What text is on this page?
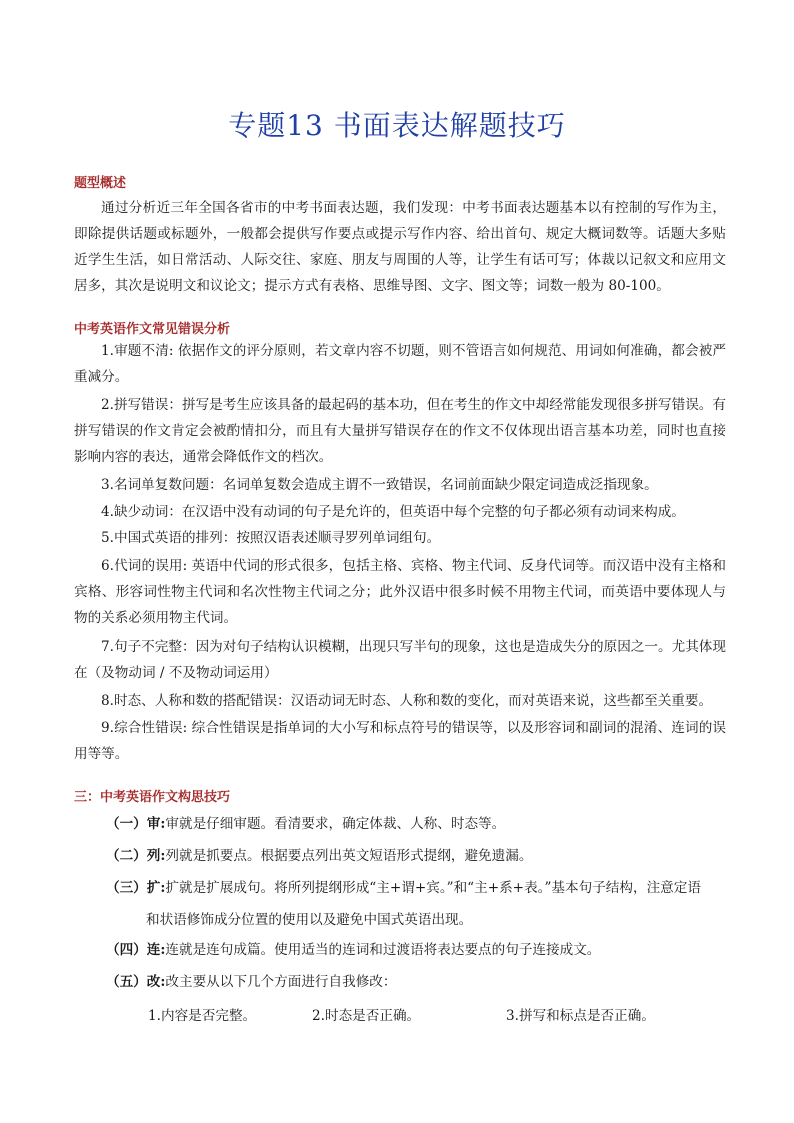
专题13 书面表达解题技巧
题型概述
通过分析近三年全国各省市的中考书面表达题，我们发现：中考书面表达题基本以有控制的写作为主，即除提供话题或标题外，一般都会提供写作要点或提示写作内容、给出首句、规定大概词数等。话题大多贴近学生生活，如日常活动、人际交往、家庭、朋友与周围的人等，让学生有话可写；体裁以记叙文和应用文居多，其次是说明文和议论文；提示方式有表格、思维导图、文字、图文等；词数一般为 80-100。
中考英语作文常见错误分析
1.审题不清: 依据作文的评分原则，若文章内容不切题，则不管语言如何规范、用词如何准确，都会被严重减分。
2.拼写错误：拼写是考生应该具备的最起码的基本功，但在考生的作文中却经常能发现很多拼写错误。有拼写错误的作文肯定会被酌情扣分，而且有大量拼写错误存在的作文不仅体现出语言基本功差，同时也直接影响内容的表达，通常会降低作文的档次。
3.名词单复数问题：名词单复数会造成主谓不一致错误，名词前面缺少限定词造成泛指现象。
4.缺少动词：在汉语中没有动词的句子是允许的，但英语中每个完整的句子都必须有动词来构成。
5.中国式英语的排列：按照汉语表述顺寻罗列单词组句。
6.代词的误用: 英语中代词的形式很多，包括主格、宾格、物主代词、反身代词等。而汉语中没有主格和宾格、形容词性物主代词和名次性物主代词之分；此外汉语中很多时候不用物主代词，而英语中要体现人与物的关系必须用物主代词。
7.句子不完整：因为对句子结构认识模糊，出现只写半句的现象，这也是造成失分的原因之一。尤其体现在（及物动词 / 不及物动词运用）
8.时态、人称和数的搭配错误：汉语动词无时态、人称和数的变化，而对英语来说，这些都至关重要。
9.综合性错误: 综合性错误是指单词的大小写和标点符号的错误等，以及形容词和副词的混淆、连词的误用等等。
三：中考英语作文构思技巧
（一）审:审就是仔细审题。看清要求，确定体裁、人称、时态等。
（二）列:列就是抓要点。根据要点列出英文短语形式提纲，避免遗漏。
（三）扩:扩就是扩展成句。将所列提纲形成“主+谓+宾。”和“主+系+表。”基本句子结构，注意定语
和状语修饰成分位置的使用以及避免中国式英语出现。
（四）连:连就是连句成篇。使用适当的连词和过渡语将表达要点的句子连接成文。
（五）改:改主要从以下几个方面进行自我修改：
1.内容是否完整。	2.时态是否正确。	3.拼写和标点是否正确。
